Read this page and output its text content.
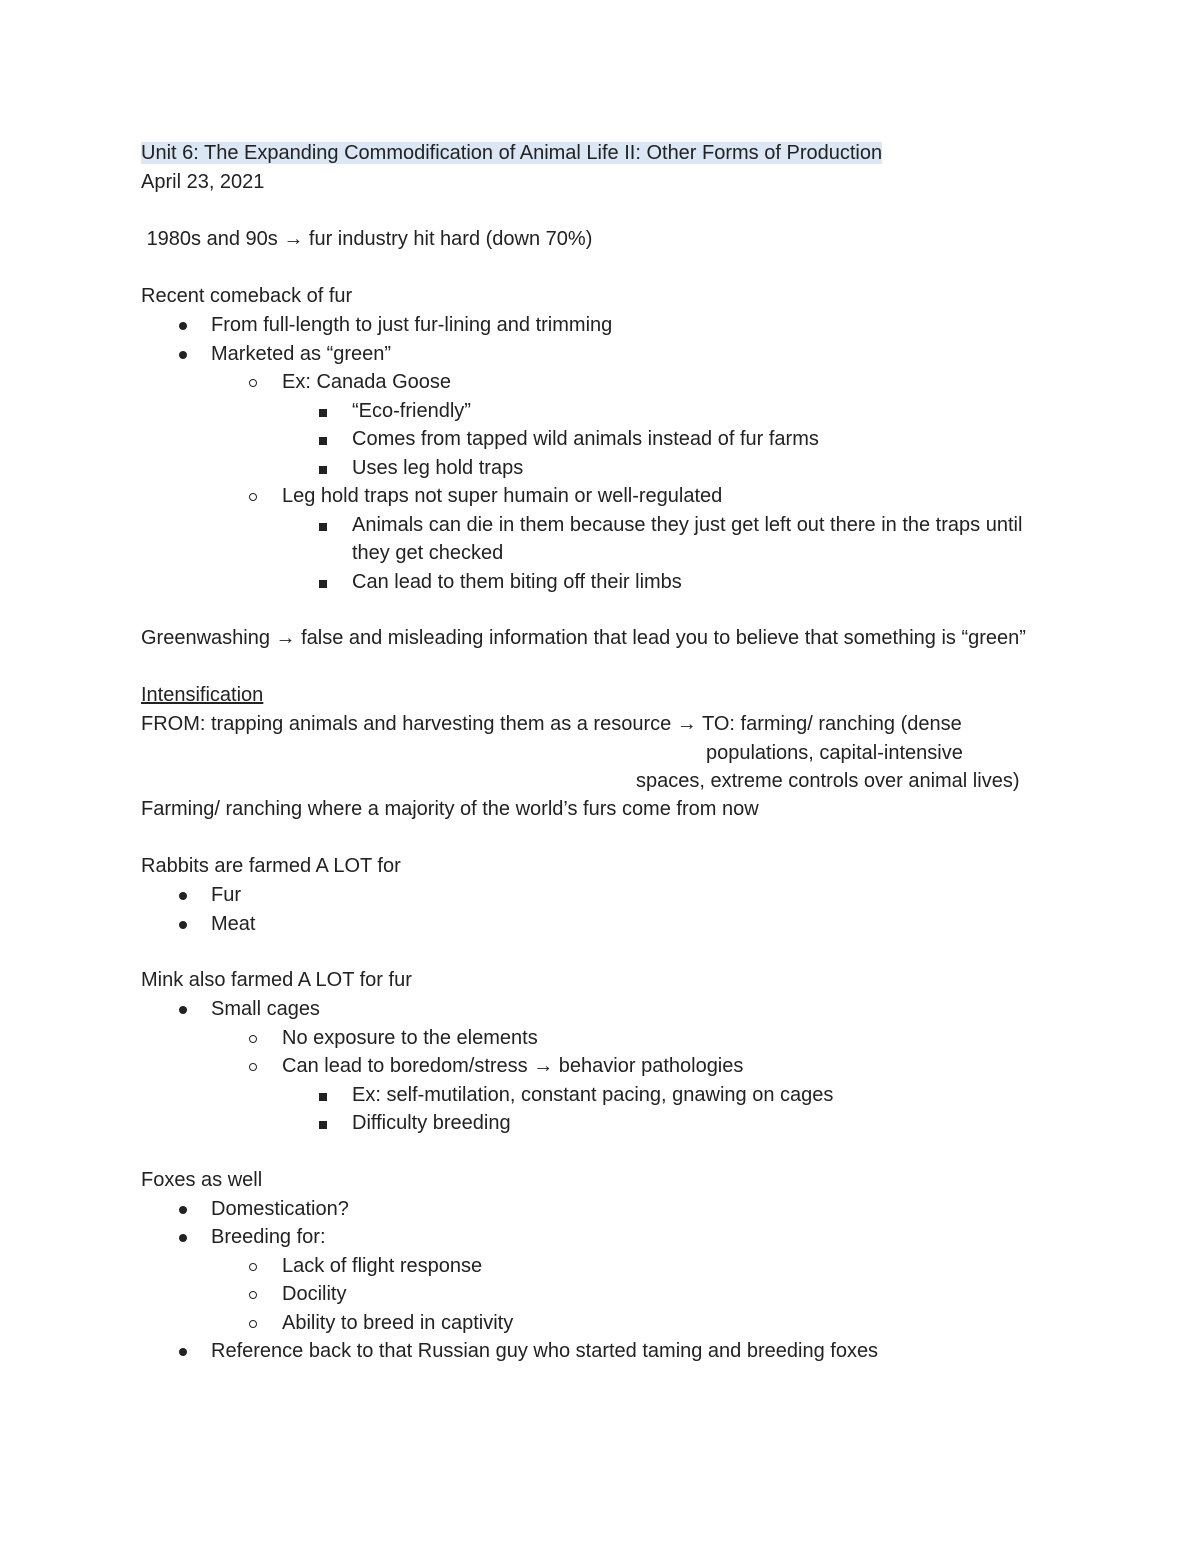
Unit 6: The Expanding Commodification of Animal Life II: Other Forms of Production
April 23, 2021
1980s and 90s → fur industry hit hard (down 70%)
Recent comeback of fur
From full-length to just fur-lining and trimming
Marketed as “green”
Ex: Canada Goose
“Eco-friendly”
Comes from tapped wild animals instead of fur farms
Uses leg hold traps
Leg hold traps not super humain or well-regulated
Animals can die in them because they just get left out there in the traps until they get checked
Can lead to them biting off their limbs
Greenwashing → false and misleading information that lead you to believe that something is “green”
Intensification
FROM: trapping animals and harvesting them as a resource → TO: farming/ ranching (dense
populations, capital-intensive
spaces, extreme controls over animal lives)
Farming/ ranching where a majority of the world’s furs come from now
Rabbits are farmed A LOT for
Fur
Meat
Mink also farmed A LOT for fur
Small cages
No exposure to the elements
Can lead to boredom/stress → behavior pathologies
Ex: self-mutilation, constant pacing, gnawing on cages
Difficulty breeding
Foxes as well
Domestication?
Breeding for:
Lack of flight response
Docility
Ability to breed in captivity
Reference back to that Russian guy who started taming and breeding foxes
